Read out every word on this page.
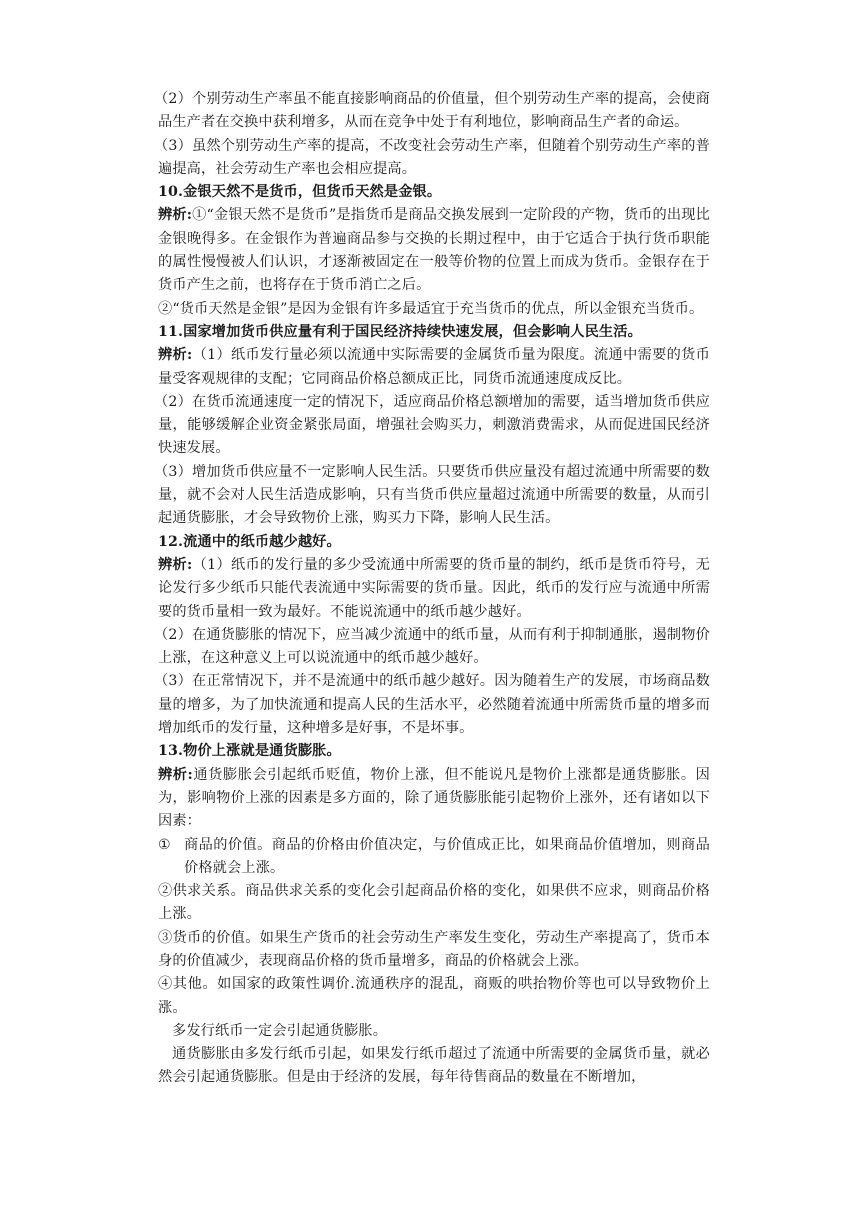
（2）个别劳动生产率虽不能直接影响商品的价值量，但个别劳动生产率的提高，会使商品生产者在交换中获利增多，从而在竞争中处于有利地位，影响商品生产者的命运。

（3）虽然个别劳动生产率的提高，不改变社会劳动生产率，但随着个别劳动生产率的普遍提高，社会劳动生产率也会相应提高。

10.金银天然不是货币，但货币天然是金银。

辨析:①“金银天然不是货币”是指货币是商品交换发展到一定阶段的产物，货币的出现比金银晚得多。在金银作为普遍商品参与交换的长期过程中，由于它适合于执行货币职能的属性慢慢被人们认识，才逐渐被固定在一般等价物的位置上而成为货币。金银存在于货币产生之前，也将存在于货币消亡之后。

②“货币天然是金银”是因为金银有许多最适宜于充当货币的优点，所以金银充当货币。

11.国家增加货币供应量有利于国民经济持续快速发展，但会影响人民生活。

辨析:（1）纸币发行量必须以流通中实际需要的金属货币量为限度。流通中需要的货币量受客观规律的支配；它同商品价格总额成正比，同货币流通速度成反比。

（2）在货币流通速度一定的情况下，适应商品价格总额增加的需要，适当增加货币供应量，能够缓解企业资金紧张局面，增强社会购买力，刺激消费需求，从而促进国民经济快速发展。

（3）增加货币供应量不一定影响人民生活。只要货币供应量没有超过流通中所需要的数量，就不会对人民生活造成影响，只有当货币供应量超过流通中所需要的数量，从而引起通货膨胀，才会导致物价上涨，购买力下降，影响人民生活。

12.流通中的纸币越少越好。

辨析:（1）纸币的发行量的多少受流通中所需要的货币量的制约，纸币是货币符号，无论发行多少纸币只能代表流通中实际需要的货币量。因此，纸币的发行应与流通中所需要的货币量相一致为最好。不能说流通中的纸币越少越好。

（2）在通货膨胀的情况下，应当减少流通中的纸币量，从而有利于抑制通胀，遏制物价上涨，在这种意义上可以说流通中的纸币越少越好。

（3）在正常情况下，并不是流通中的纸币越少越好。因为随着生产的发展，市场商品数量的增多，为了加快流通和提高人民的生活水平，必然随着流通中所需货币量的增多而增加纸币的发行量，这种增多是好事，不是坏事。

13.物价上涨就是通货膨胀。

辨析:通货膨胀会引起纸币贬值，物价上涨，但不能说凡是物价上涨都是通货膨胀。因为，影响物价上涨的因素是多方面的，除了通货膨胀能引起物价上涨外，还有诸如以下因素：

① 商品的价值。商品的价格由价值决定，与价值成正比，如果商品价值增加，则商品价格就会上涨。

②供求关系。商品供求关系的变化会引起商品价格的变化，如果供不应求，则商品价格上涨。

③货币的价值。如果生产货币的社会劳动生产率发生变化，劳动生产率提高了，货币本身的价值减少，表现商品价格的货币量增多，商品的价格就会上涨。

④其他。如国家的政策性调价.流通秩序的混乱，商贩的哄抬物价等也可以导致物价上涨。

多发行纸币一定会引起通货膨胀。

通货膨胀由多发行纸币引起，如果发行纸币超过了流通中所需要的金属货币量，就必然会引起通货膨胀。但是由于经济的发展，每年待售商品的数量在不断增加，
